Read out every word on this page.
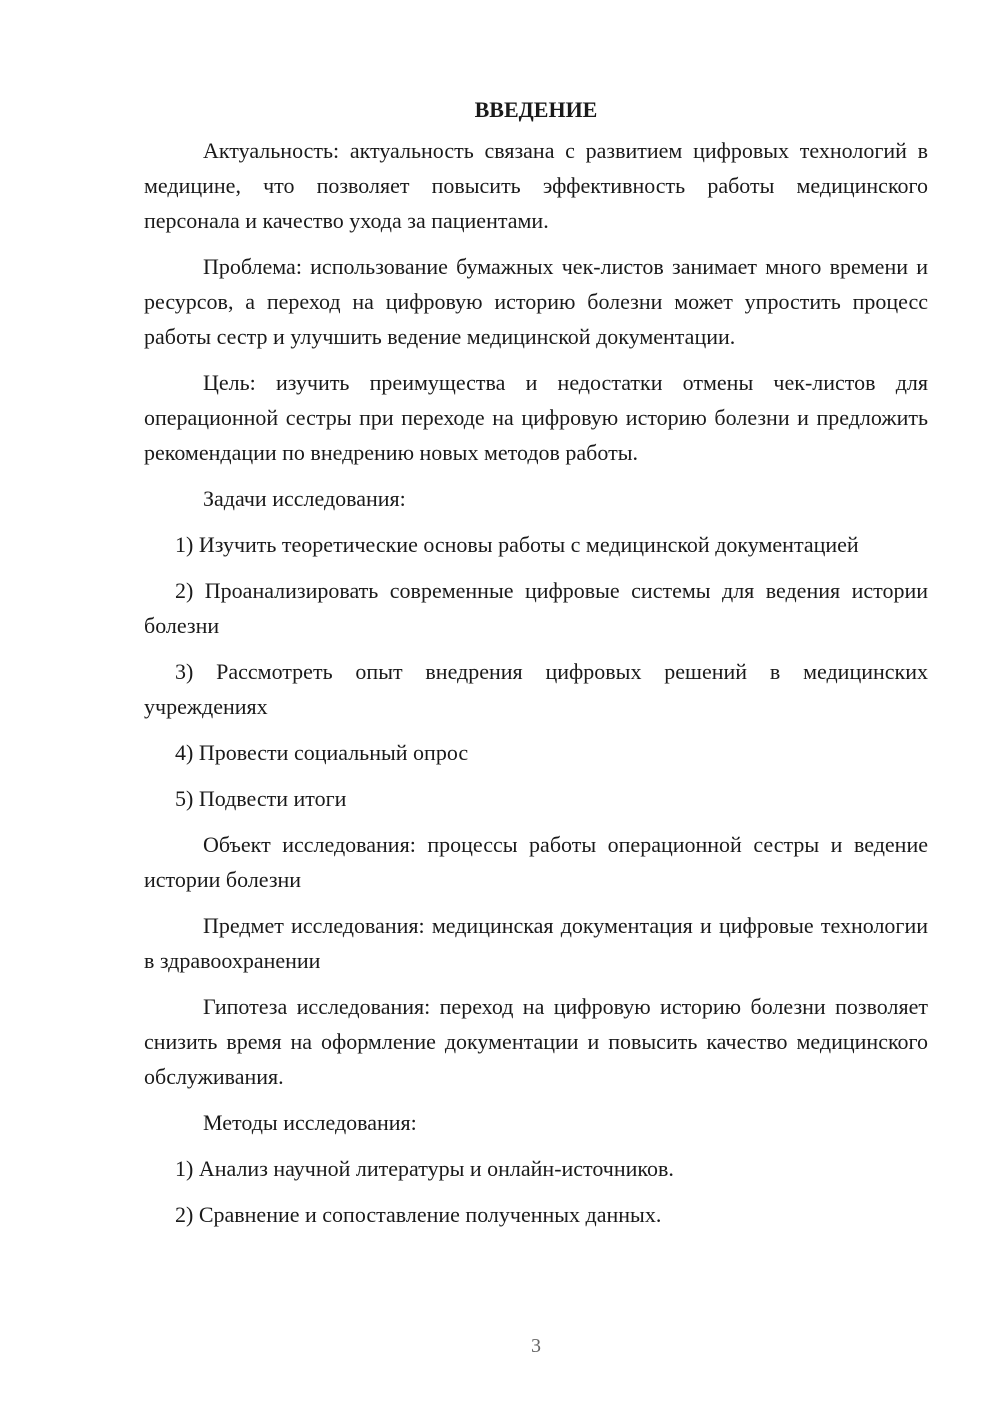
ВВЕДЕНИЕ

Актуальность: актуальность связана с развитием цифровых технологий в медицине, что позволяет повысить эффективность работы медицинского персонала и качество ухода за пациентами.

Проблема: использование бумажных чек-листов занимает много времени и ресурсов, а переход на цифровую историю болезни может упростить процесс работы сестр и улучшить ведение медицинской документации.

Цель: изучить преимущества и недостатки отмены чек-листов для операционной сестры при переходе на цифровую историю болезни и предложить рекомендации по внедрению новых методов работы.

Задачи исследования:

1) Изучить теоретические основы работы с медицинской документацией

2) Проанализировать современные цифровые системы для ведения истории болезни

3) Рассмотреть опыт внедрения цифровых решений в медицинских учреждениях

4) Провести социальный опрос

5) Подвести итоги

Объект исследования: процессы работы операционной сестры и ведение истории болезни

Предмет исследования: медицинская документация и цифровые технологии в здравоохранении

Гипотеза исследования: переход на цифровую историю болезни позволяет снизить время на оформление документации и повысить качество медицинского обслуживания.

Методы исследования:

1) Анализ научной литературы и онлайн-источников.

2) Сравнение и сопоставление полученных данных.

3
